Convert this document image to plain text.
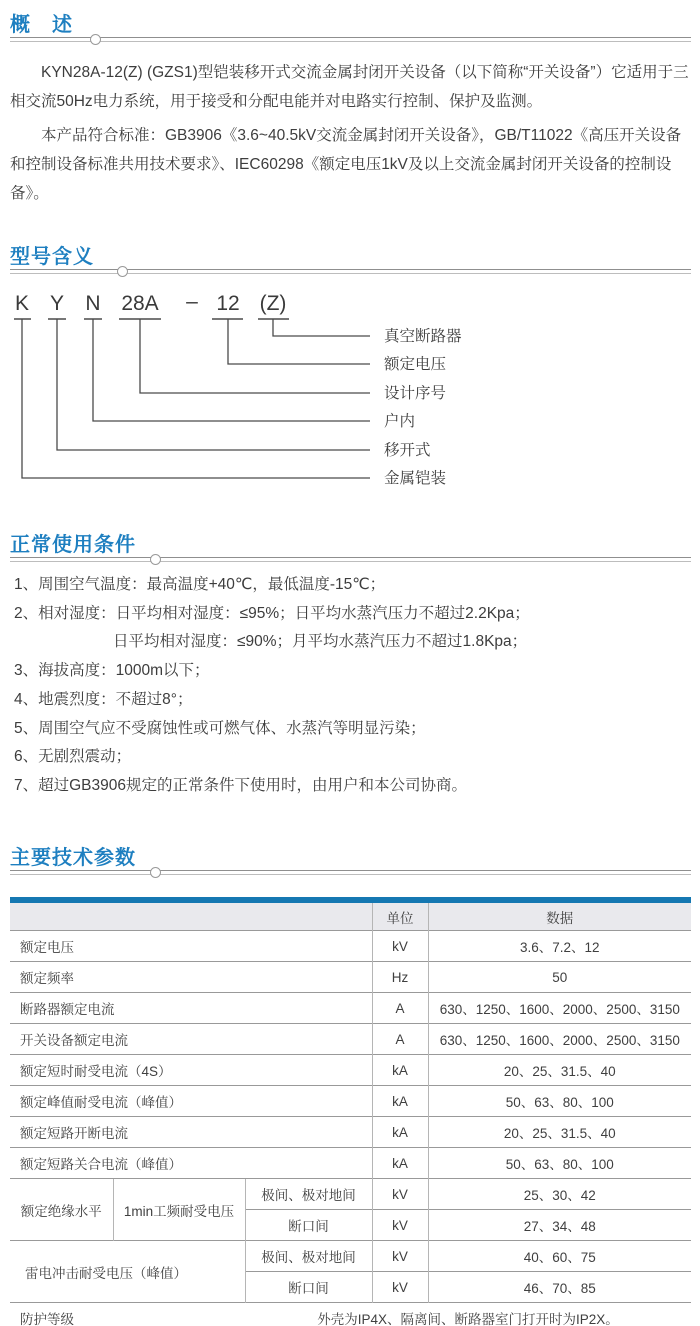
概　述

KYN28A-12(Z) (GZS1)型铠装移开式交流金属封闭开关设备（以下简称“开关设备”）它适用于三相交流50Hz电力系统，用于接受和分配电能并对电路实行控制、保护及监测。

本产品符合标准：GB3906《3.6~40.5kV交流金属封闭开关设备》，GB/T11022《高压开关设备和控制设备标准共用技术要求》、IEC60298《额定电压1kV及以上交流金属封闭开关设备的控制设备》。

型号含义
K Y N 28A – 12 (Z)
真空断路器
额定电压
设计序号
户内
移开式
金属铠装
正常使用条件
1、周围空气温度：最高温度+40℃，最低温度-15℃；
2、相对湿度：日平均相对湿度：≤95%；日平均水蒸汽压力不超过2.2Kpa；
日平均相对湿度：≤90%；月平均水蒸汽压力不超过1.8Kpa；
3、海拔高度：1000m以下；
4、地震烈度：不超过8°；
5、周围空气应不受腐蚀性或可燃气体、水蒸汽等明显污染；
6、无剧烈震动；
7、超过GB3906规定的正常条件下使用时，由用户和本公司协商。
主要技术参数
			单位	数据
额定电压			kV	3.6、7.2、12
额定频率			Hz	50
断路器额定电流			A	630、1250、1600、2000、2500、3150
开关设备额定电流			A	630、1250、1600、2000、2500、3150
额定短时耐受电流（4S）			kA	20、25、31.5、40
额定峰值耐受电流（峰值）			kA	50、63、80、100
额定短路开断电流			kA	20、25、31.5、40
额定短路关合电流（峰值）			kA	50、63、80、100
额定绝缘水平	1min工频耐受电压	极间、极对地间	kV	25、30、42
		断口间	kV	27、34、48
雷电冲击耐受电压（峰值）		极间、极对地间	kV	40、60、75
		断口间	kV	46、70、85
防护等级		外壳为IP4X、隔离间、断路器室门打开时为IP2X。		
